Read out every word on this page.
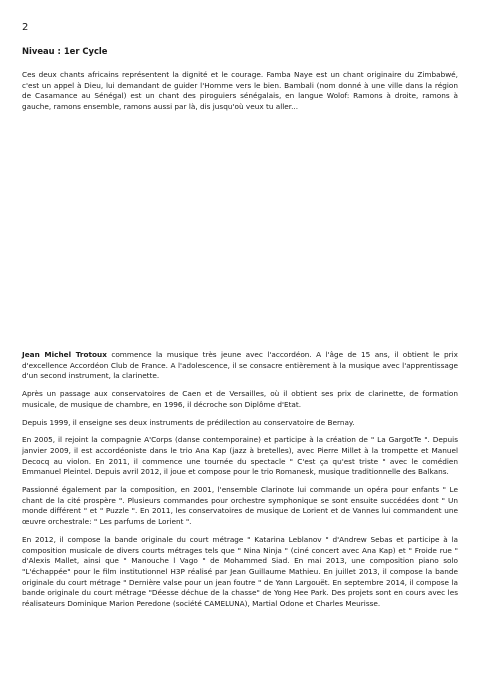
2
Niveau : 1er Cycle

Ces deux chants africains représentent la dignité et le courage. Famba Naye est un chant originaire du Zimbabwé, c'est un appel à Dieu, lui demandant de guider l'Homme vers le bien. Bambali (nom donné à une ville dans la région de Casamance au Sénégal) est un chant des piroguiers sénégalais, en langue Wolof: Ramons à droite, ramons à gauche, ramons ensemble, ramons aussi par là, dis jusqu'où veux tu aller...

Jean Michel Trotoux commence la musique très jeune avec l'accordéon. A l'âge de 15 ans, il obtient le prix d'excellence Accordéon Club de France. A l'adolescence, il se consacre entièrement à la musique avec l'apprentissage d'un second instrument, la clarinette.

Après un passage aux conservatoires de Caen et de Versailles, où il obtient ses prix de clarinette, de formation musicale, de musique de chambre, en 1996, il décroche son Diplôme d'Etat.

Depuis 1999, il enseigne ses deux instruments de prédilection au conservatoire de Bernay.

En 2005, il rejoint la compagnie A'Corps (danse contemporaine) et participe à la création de " La GargotTe ". Depuis janvier 2009, il est accordéoniste dans le trio Ana Kap (jazz à bretelles), avec Pierre Millet à la trompette et Manuel Decocq au violon. En 2011, il commence une tournée du spectacle " C'est ça qu'est triste " avec le comédien Emmanuel Pleintel. Depuis avril 2012, il joue et compose pour le trio Romanesk, musique traditionnelle des Balkans.

Passionné également par la composition, en 2001, l'ensemble Clarinote lui commande un opéra pour enfants " Le chant de la cité prospère ". Plusieurs commandes pour orchestre symphonique se sont ensuite succédées dont " Un monde différent " et " Puzzle ". En 2011, les conservatoires de musique de Lorient et de Vannes lui commandent une œuvre orchestrale: " Les parfums de Lorient ".

En 2012, il compose la bande originale du court métrage " Katarina Leblanov " d'Andrew Sebas et participe à la composition musicale de divers courts métrages tels que " Nina Ninja " (ciné concert avec Ana Kap) et " Froide rue " d'Alexis Mallet, ainsi que " Manouche l Vago " de Mohammed Siad. En mai 2013, une composition piano solo "L'échappée" pour le film institutionnel H3P réalisé par Jean Guillaume Mathieu. En juillet 2013, il compose la bande originale du court métrage " Dernière valse pour un jean foutre " de Yann Largouët. En septembre 2014, il compose la bande originale du court métrage "Déesse déchue de la chasse" de Yong Hee Park. Des projets sont en cours avec les réalisateurs Dominique Marion Peredone (société CAMELUNA), Martial Odone et Charles Meurisse.
